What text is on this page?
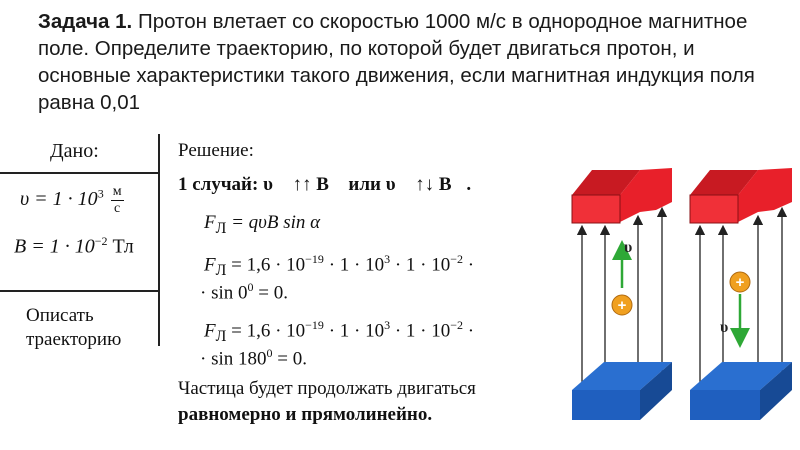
Задача 1. Протон влетает со скоростью 1000 м/с в однородное магнитное поле. Определите траекторию, по которой будет двигаться протон, и основные характеристики такого движения, если магнитная индукция поля равна 0,01
Дано:
$\upsilon = 1 \cdot 10^3 \frac{м}{с}$
$B = 1 \cdot 10^{-2}$ Тл
Описать траекторию
Решение:
1 случай: υ⃗ ↑↑ B⃗ или υ⃗ ↑↓ B⃗.
$F_Л = q\upsilon B$ sin α
$F_Л = 1,6 \cdot 10^{-19} \cdot 1 \cdot 10^3 \cdot 1 \cdot 10^{-2}$ ·
· $\sin 0^0 = 0$.
$F_Л = 1,6 \cdot 10^{-19} \cdot 1 \cdot 10^3 \cdot 1 \cdot 10^{-2}$ ·
· $\sin 180^0 = 0$.
Частица будет продолжать двигаться
равномерно и прямолинейно.
υ
+
+
υ
